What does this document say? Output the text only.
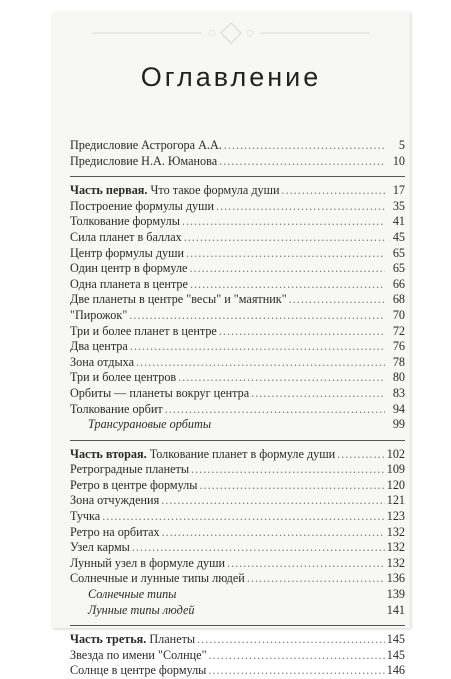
Оглавление
Предисловие Астрогора А.А. .....	5
Предисловие Н.А. Юманова .....	10
Часть первая. Что такое формула души .....	17
Построение формулы души .....	35
Толкование формулы .....	41
Сила планет в баллах .....	45
Центр формулы души .....	65
Один центр в формуле .....	65
Одна планета в центре .....	66
Две планеты в центре "весы" и "маятник" .....	68
"Пирожок" .....	70
Три и более планет в центре .....	72
Два центра .....	76
Зона отдыха .....	78
Три и более центров .....	80
Орбиты — планеты вокруг центра .....	83
Толкование орбит .....	94
Трансурановые орбиты	99
Часть вторая. Толкование планет в формуле души .....	102
Ретроградные планеты .....	109
Ретро в центре формулы .....	120
Зона отчуждения .....	121
Тучка .....	123
Ретро на орбитах .....	132
Узел кармы .....	132
Лунный узел в формуле души .....	132
Солнечные и лунные типы людей .....	136
Солнечные типы	139
Лунные типы людей	141
Часть третья. Планеты .....	145
Звезда по имени "Солнце" .....	145
Солнце в центре формулы .....	146
